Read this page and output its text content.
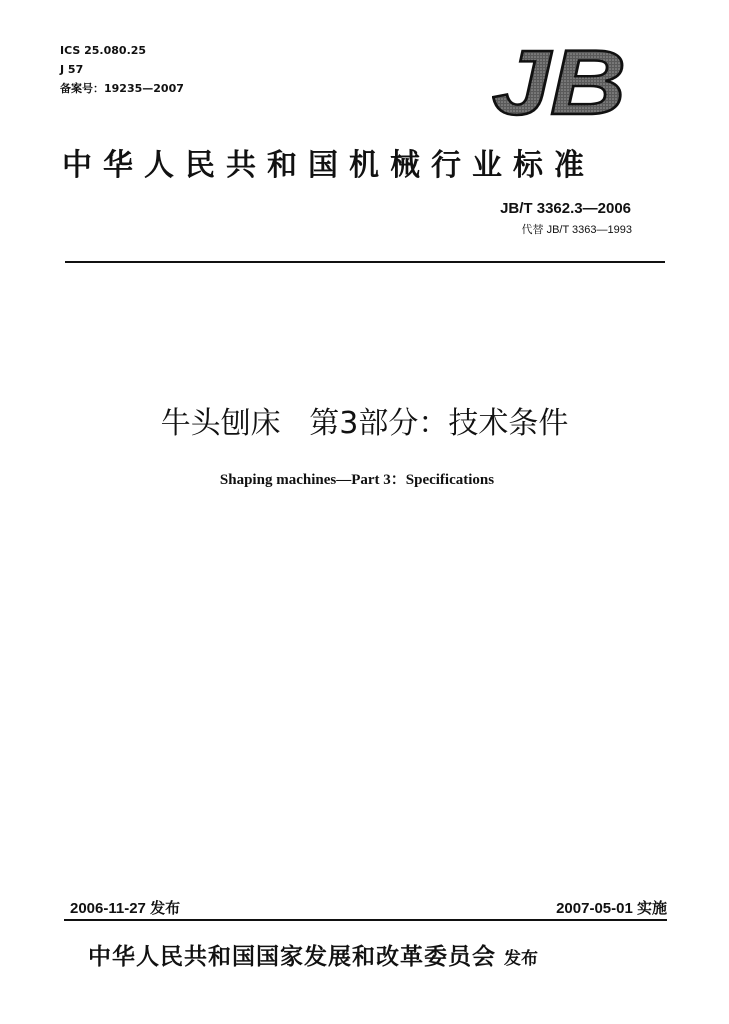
ICS 25.080.25
J 57
备案号：19235—2007	JB
中华人民共和国机械行业标准
JB/T 3362.3—2006
代替 JB/T 3363—1993
牛头刨床   第3部分：技术条件
Shaping machines—Part 3：Specifications
2006-11-27 发布	2007-05-01 实施
中华人民共和国国家发展和改革委员会 发布
